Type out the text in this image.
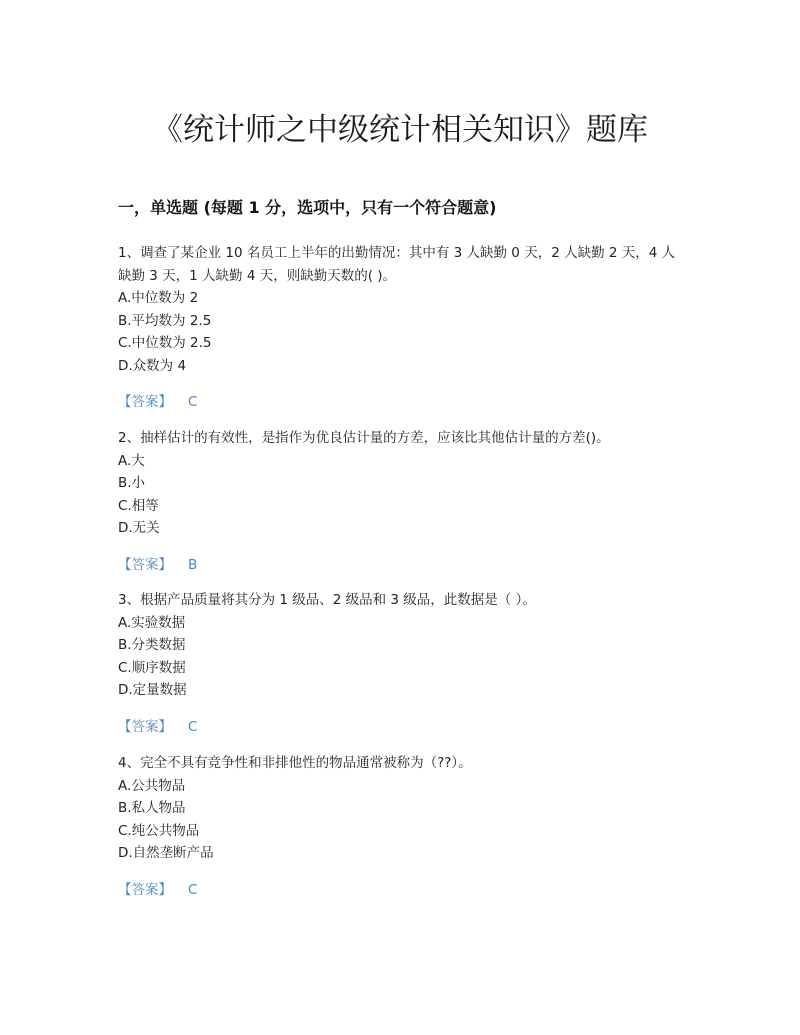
《统计师之中级统计相关知识》题库
一，单选题 (每题 1 分，选项中，只有一个符合题意)

1、调查了某企业 10 名员工上半年的出勤情况：其中有 3 人缺勤 0 天，2 人缺勤 2 天，4 人缺勤 3 天，1 人缺勤 4 天，则缺勤天数的( )。

A.中位数为 2

B.平均数为 2.5

C.中位数为 2.5

D.众数为 4

【答案】 C

2、抽样估计的有效性，是指作为优良估计量的方差，应该比其他估计量的方差()。

A.大

B.小

C.相等

D.无关

【答案】 B

3、根据产品质量将其分为 1 级品、2 级品和 3 级品，此数据是（ ）。

A.实验数据

B.分类数据

C.顺序数据

D.定量数据

【答案】 C

4、完全不具有竞争性和非排他性的物品通常被称为（??）。

A.公共物品

B.私人物品

C.纯公共物品

D.自然垄断产品

【答案】 C
